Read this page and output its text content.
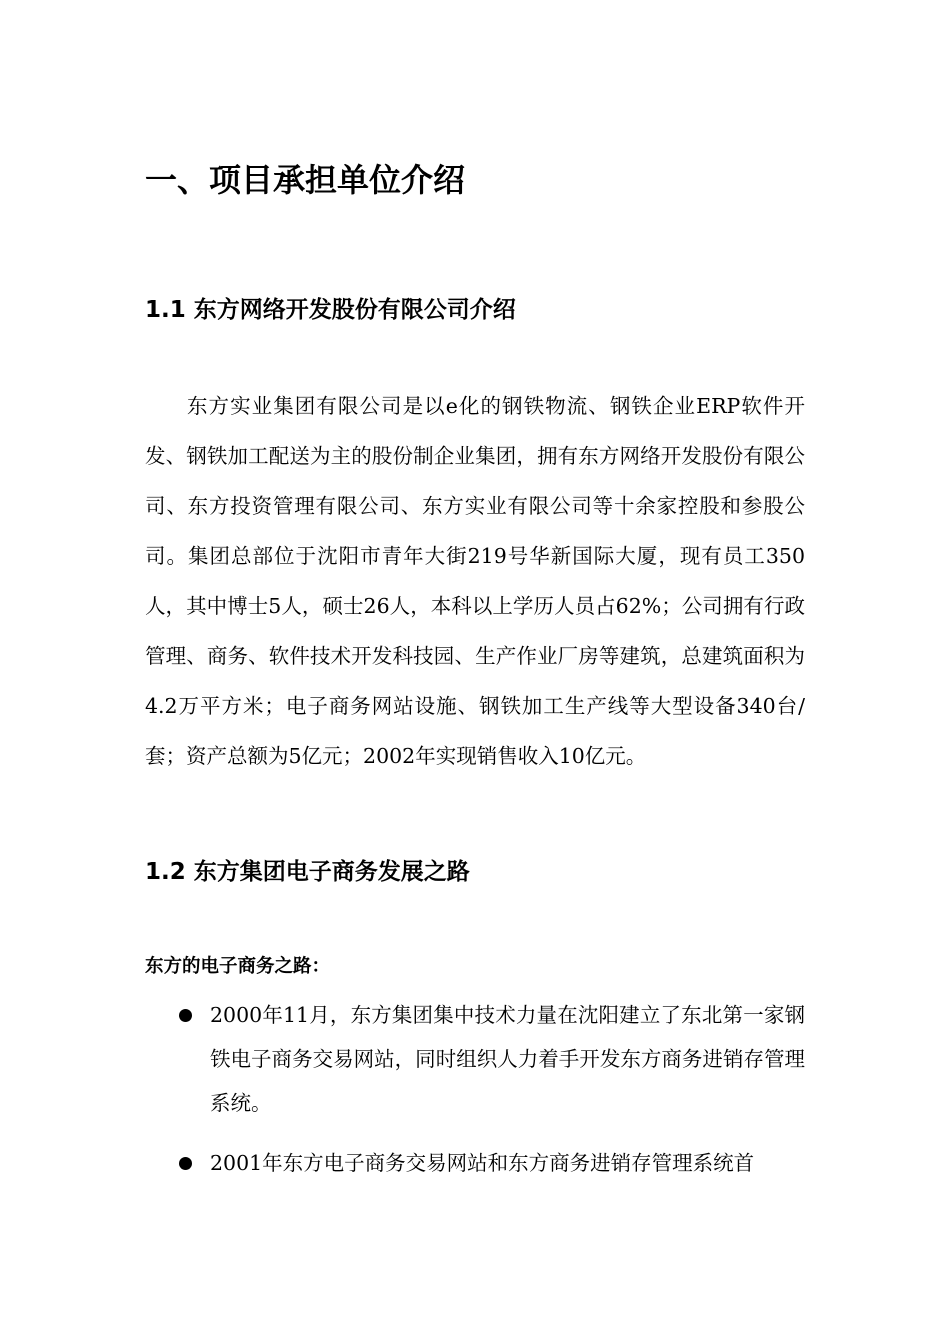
一、项目承担单位介绍
1.1 东方网络开发股份有限公司介绍
东方实业集团有限公司是以e化的钢铁物流、钢铁企业ERP软件开发、钢铁加工配送为主的股份制企业集团，拥有东方网络开发股份有限公司、东方投资管理有限公司、东方实业有限公司等十余家控股和参股公司。集团总部位于沈阳市青年大街219号华新国际大厦，现有员工350人，其中博士5人，硕士26人，本科以上学历人员占62%；公司拥有行政管理、商务、软件技术开发科技园、生产作业厂房等建筑，总建筑面积为4.2万平方米；电子商务网站设施、钢铁加工生产线等大型设备340台/套；资产总额为5亿元；2002年实现销售收入10亿元。
1.2 东方集团电子商务发展之路
东方的电子商务之路：
2000年11月，东方集团集中技术力量在沈阳建立了东北第一家钢铁电子商务交易网站，同时组织人力着手开发东方商务进销存管理系统。
2001年东方电子商务交易网站和东方商务进销存管理系统首
